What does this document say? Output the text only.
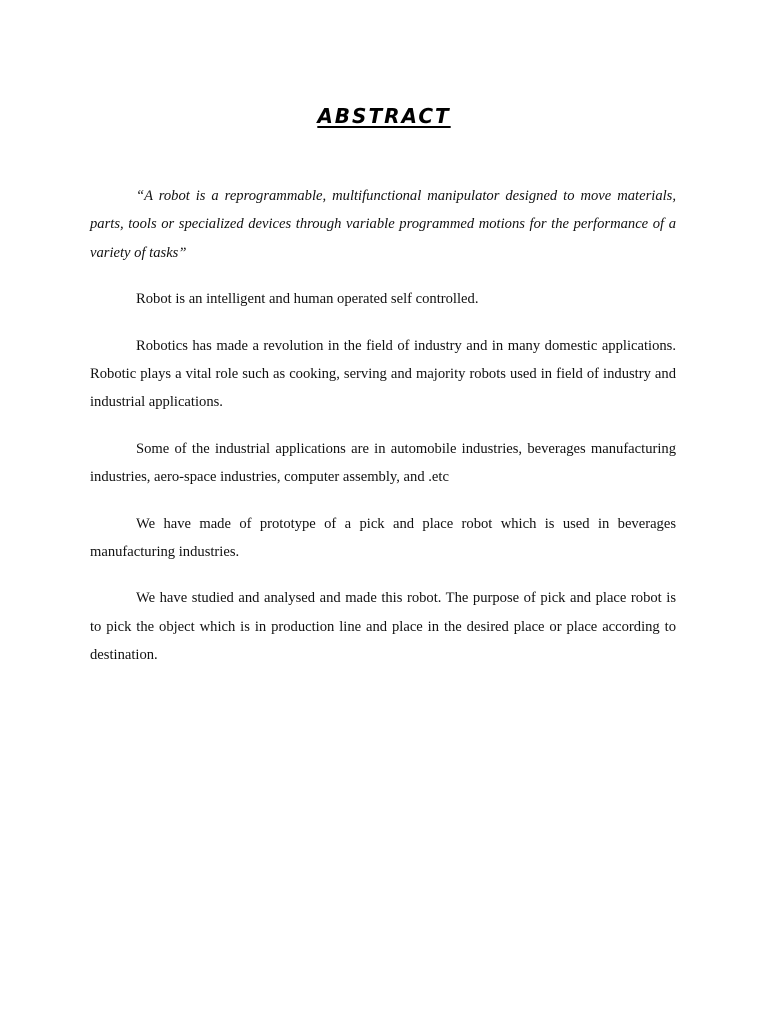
ABSTRACT

“A robot is a reprogrammable, multifunctional manipulator designed to move materials, parts, tools or specialized devices through variable programmed motions for the performance of a variety of tasks”

Robot is an intelligent and human operated self controlled.

Robotics has made a revolution in the field of industry and in many domestic applications. Robotic plays a vital role such as cooking, serving and majority robots used in field of industry and industrial applications.

Some of the industrial applications are in automobile industries, beverages manufacturing industries, aero-space industries, computer assembly, and .etc

We have made of prototype of a pick and place robot which is used in beverages manufacturing industries.

We have studied and analysed and made this robot. The purpose of pick and place robot is to pick the object which is in production line and place in the desired place or place according to destination.
